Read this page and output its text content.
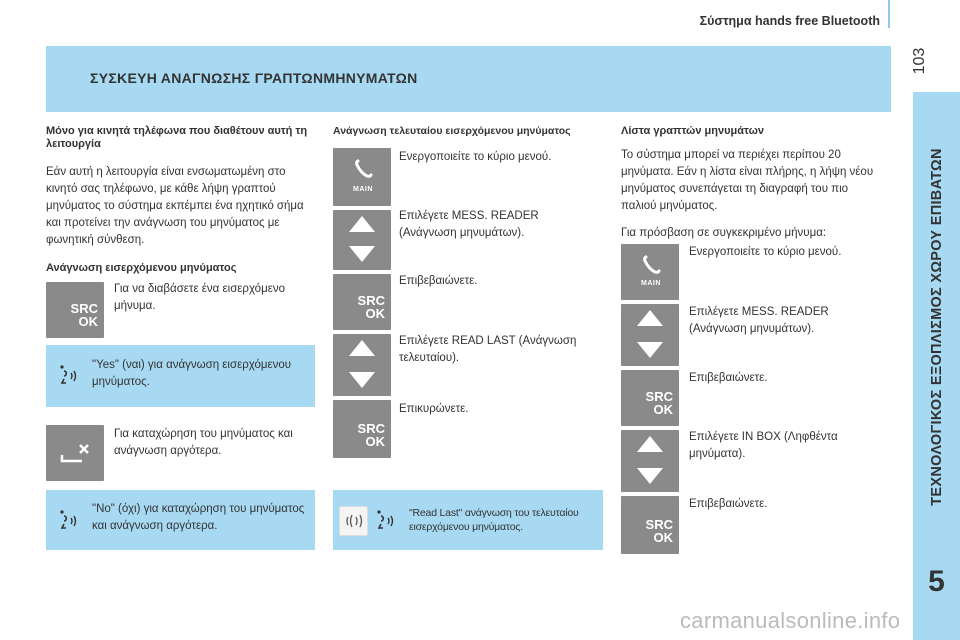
Σύστημα hands free Bluetooth
103
ΤΕΧΝΟΛΟΓΙΚΟΣ ΕΞΟΠΛΙΣΜΟΣ ΧΩΡΟΥ ΕΠΙΒΑΤΩΝ
5
ΣΥΣΚΕΥΗ ΑΝΑΓΝΩΣΗΣ ΓΡΑΠΤΩΝΜΗΝΥΜΑΤΩΝ
Μόνο για κινητά τηλέφωνα που διαθέτουν αυτή τη λειτουργία
Εάν αυτή η λειτουργία είναι ενσωματωμένη στο κινητό σας τηλέφωνο, με κάθε λήψη γραπτού μηνύματος το σύστημα εκπέμπει ένα ηχητικό σήμα και προτείνει την ανάγνωση του μηνύματος με φωνητική σύνθεση.
Ανάγνωση εισερχόμενου μηνύματος
SRC
OK
Για να διαβάσετε ένα εισερχόμενο μήνυμα.
"Yes" (ναι) για ανάγνωση εισερχόμενου μηνύματος.
Για καταχώρηση του μηνύματος και ανάγνωση αργότερα.
"No" (όχι) για καταχώρηση του μηνύματος και ανάγνωση αργότερα.
Ανάγνωση τελευταίου εισερχόμενου μηνύματος
MAIN
Ενεργοποιείτε το κύριο μενού.
Επιλέγετε MESS. READER (Ανάγνωση μηνυμάτων).
SRC
OK
Επιβεβαιώνετε.
Επιλέγετε READ LAST (Ανάγνωση τελευταίου).
SRC
OK
Επικυρώνετε.
"Read Last" ανάγνωση του τελευταίου εισερχόμενου μηνύματος.
Λίστα γραπτών μηνυμάτων
Το σύστημα μπορεί να περιέχει περίπου 20 μηνύματα. Εάν η λίστα είναι πλήρης, η λήψη νέου μηνύματος συνεπάγεται τη διαγραφή του πιο παλιού μηνύματος.
Για πρόσβαση σε συγκεκριμένο μήνυμα:
MAIN
Ενεργοποιείτε το κύριο μενού.
Επιλέγετε MESS. READER (Ανάγνωση μηνυμάτων).
SRC
OK
Επιβεβαιώνετε.
Επιλέγετε IN BOX (Ληφθέντα μηνύματα).
SRC
OK
Επιβεβαιώνετε.
carmanualsonline.info
